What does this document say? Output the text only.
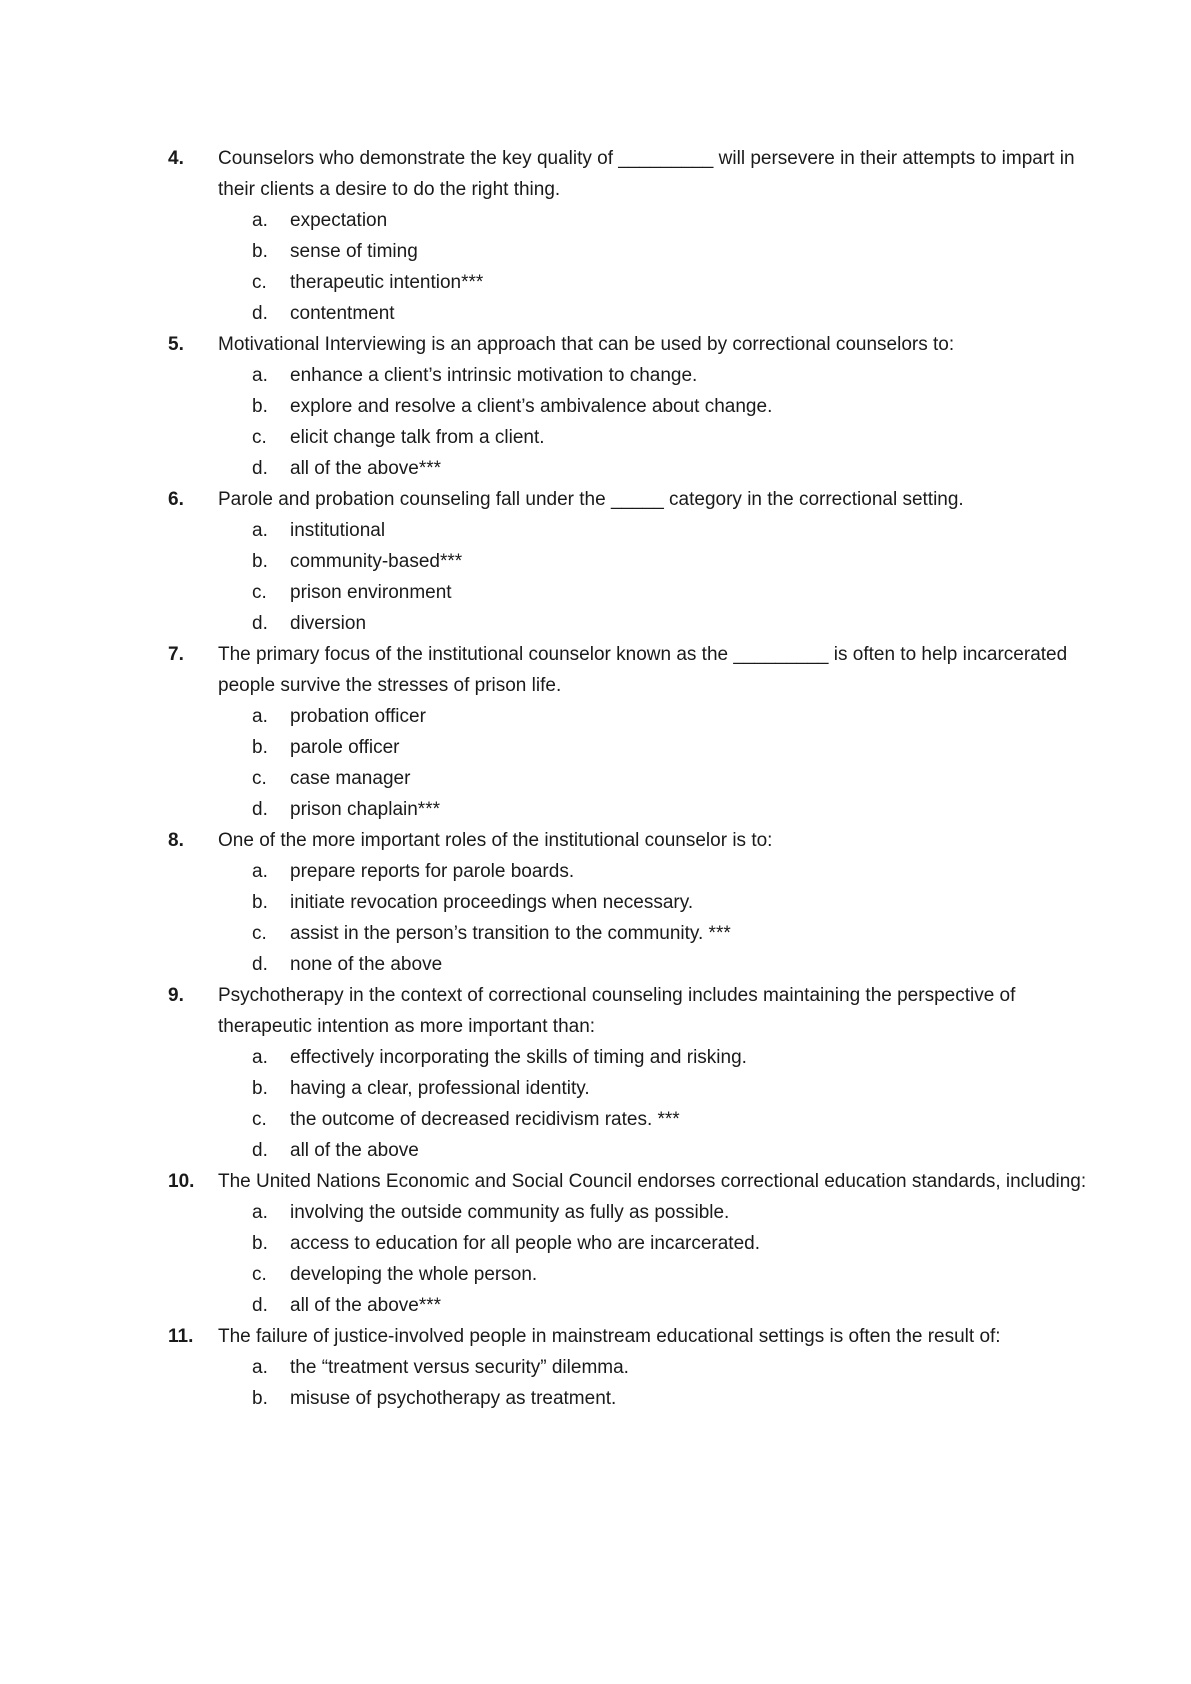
4.	Counselors who demonstrate the key quality of _________ will persevere in their attempts to impart in their clients a desire to do the right thing.
a.	expectation
b.	sense of timing
c.	therapeutic intention***
d.	contentment
5.	Motivational Interviewing is an approach that can be used by correctional counselors to:
a.	enhance a client’s intrinsic motivation to change.
b.	explore and resolve a client’s ambivalence about change.
c.	elicit change talk from a client.
d.	all of the above***
6.	Parole and probation counseling fall under the _____ category in the correctional setting.
a.	institutional
b.	community-based***
c.	prison environment
d.	diversion
7.	The primary focus of the institutional counselor known as the _________ is often to help incarcerated people survive the stresses of prison life.
a.	probation officer
b.	parole officer
c.	case manager
d.	prison chaplain***
8.	One of the more important roles of the institutional counselor is to:
a.	prepare reports for parole boards.
b.	initiate revocation proceedings when necessary.
c.	assist in the person’s transition to the community. ***
d.	none of the above
9.	Psychotherapy in the context of correctional counseling includes maintaining the perspective of therapeutic intention as more important than:
a.	effectively incorporating the skills of timing and risking.
b.	having a clear, professional identity.
c.	the outcome of decreased recidivism rates. ***
d.	all of the above
10.	The United Nations Economic and Social Council endorses correctional education standards, including:
a.	involving the outside community as fully as possible.
b.	access to education for all people who are incarcerated.
c.	developing the whole person.
d.	all of the above***
11.	The failure of justice-involved people in mainstream educational settings is often the result of:
a.	the “treatment versus security” dilemma.
b.	misuse of psychotherapy as treatment.
